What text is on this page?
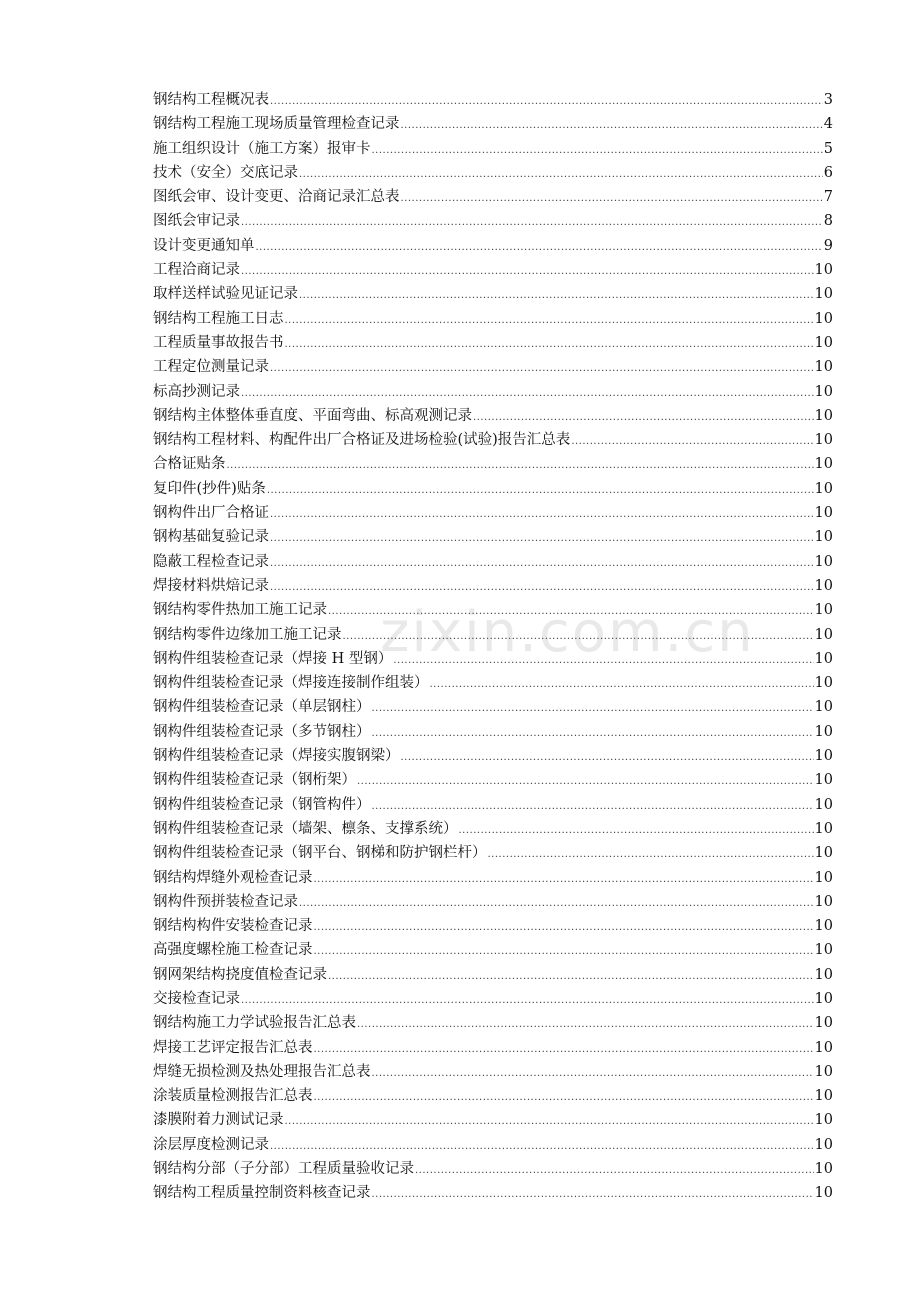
钢结构工程概况表 .....	3
钢结构工程施工现场质量管理检查记录 .....	4
施工组织设计（施工方案）报审卡 .....	5
技术（安全）交底记录 .....	6
图纸会审、设计变更、洽商记录汇总表 .....	7
图纸会审记录 .....	8
设计变更通知单 .....	9
工程洽商记录 .....	10
取样送样试验见证记录 .....	10
钢结构工程施工日志 .....	10
工程质量事故报告书 .....	10
工程定位测量记录 .....	10
标高抄测记录 .....	10
钢结构主体整体垂直度、平面弯曲、标高观测记录 .....	10
钢结构工程材料、构配件出厂合格证及进场检验(试验)报告汇总表 .....	10
合格证贴条 .....	10
复印件(抄件)贴条 .....	10
钢构件出厂合格证 .....	10
钢构基础复验记录 .....	10
隐蔽工程检查记录 .....	10
焊接材料烘焙记录 .....	10
钢结构零件热加工施工记录 .....	10
钢结构零件边缘加工施工记录 .....	10
钢构件组装检查记录（焊接 H 型钢） .....	10
钢构件组装检查记录（焊接连接制作组装） .....	10
钢构件组装检查记录（单层钢柱） .....	10
钢构件组装检查记录（多节钢柱） .....	10
钢构件组装检查记录（焊接实腹钢梁） .....	10
钢构件组装检查记录（钢桁架） .....	10
钢构件组装检查记录（钢管构件） .....	10
钢构件组装检查记录（墙架、檩条、支撑系统） .....	10
钢构件组装检查记录（钢平台、钢梯和防护钢栏杆） .....	10
钢结构焊缝外观检查记录 .....	10
钢构件预拼装检查记录 .....	10
钢结构构件安装检查记录 .....	10
高强度螺栓施工检查记录 .....	10
钢网架结构挠度值检查记录 .....	10
交接检查记录 .....	10
钢结构施工力学试验报告汇总表 .....	10
焊接工艺评定报告汇总表 .....	10
焊缝无损检测及热处理报告汇总表 .....	10
涂装质量检测报告汇总表 .....	10
漆膜附着力测试记录 .....	10
涂层厚度检测记录 .....	10
钢结构分部（子分部）工程质量验收记录 .....	10
钢结构工程质量控制资料核查记录 .....	10
zixin.com.cn
